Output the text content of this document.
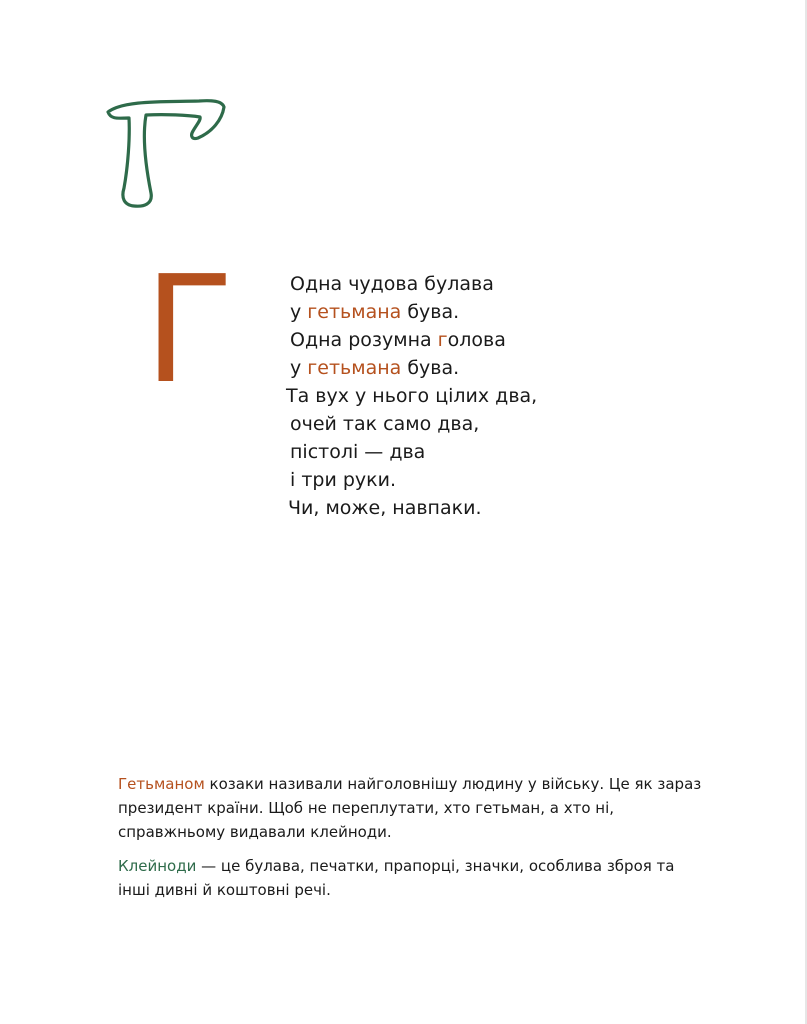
Г	Одна чудова булава
у гетьмана бува.
Одна розумна голова
у гетьмана бува.
Та вух у нього цілих два,
очей так само два,
пістолі — два
і три руки.
Чи, може, навпаки.

Гетьманом козаки називали найголовнішу людину у війську. Це як зараз президент країни. Щоб не переплутати, хто гетьман, а хто ні, справжньому видавали клейноди.

Клейноди — це булава, печатки, прапорці, значки, особлива зброя та інші дивні й коштовні речі.
